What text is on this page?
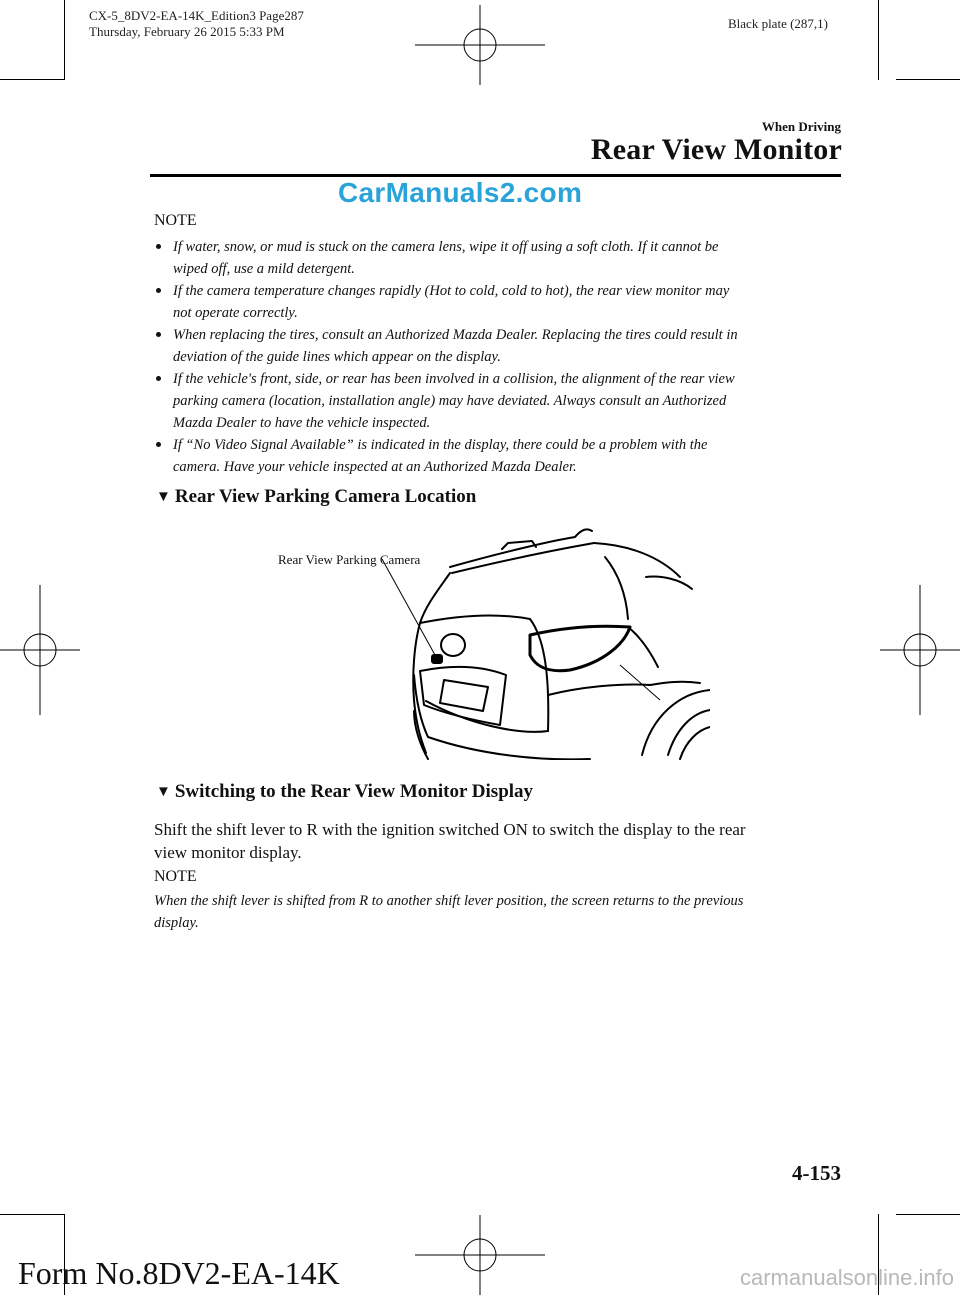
CX-5_8DV2-EA-14K_Edition3 Page287
Thursday, February 26 2015 5:33 PM
Black plate (287,1)
When Driving
Rear View Monitor
CarManuals2.com
NOTE
If water, snow, or mud is stuck on the camera lens, wipe it off using a soft cloth. If it cannot be
wiped off, use a mild detergent.
If the camera temperature changes rapidly (Hot to cold, cold to hot), the rear view monitor may
not operate correctly.
When replacing the tires, consult an Authorized Mazda Dealer. Replacing the tires could result in
deviation of the guide lines which appear on the display.
If the vehicle's front, side, or rear has been involved in a collision, the alignment of the rear view
parking camera (location, installation angle) may have deviated. Always consult an Authorized
Mazda Dealer to have the vehicle inspected.
If “No Video Signal Available” is indicated in the display, there could be a problem with the
camera. Have your vehicle inspected at an Authorized Mazda Dealer.
▼ Rear View Parking Camera Location
Rear View Parking Camera
▼ Switching to the Rear View Monitor Display
Shift the shift lever to R with the ignition switched ON to switch the display to the rear
view monitor display.
NOTE
When the shift lever is shifted from R to another shift lever position, the screen returns to the previous
display.
4-153
Form No.8DV2-EA-14K	carmanualsonline.info
